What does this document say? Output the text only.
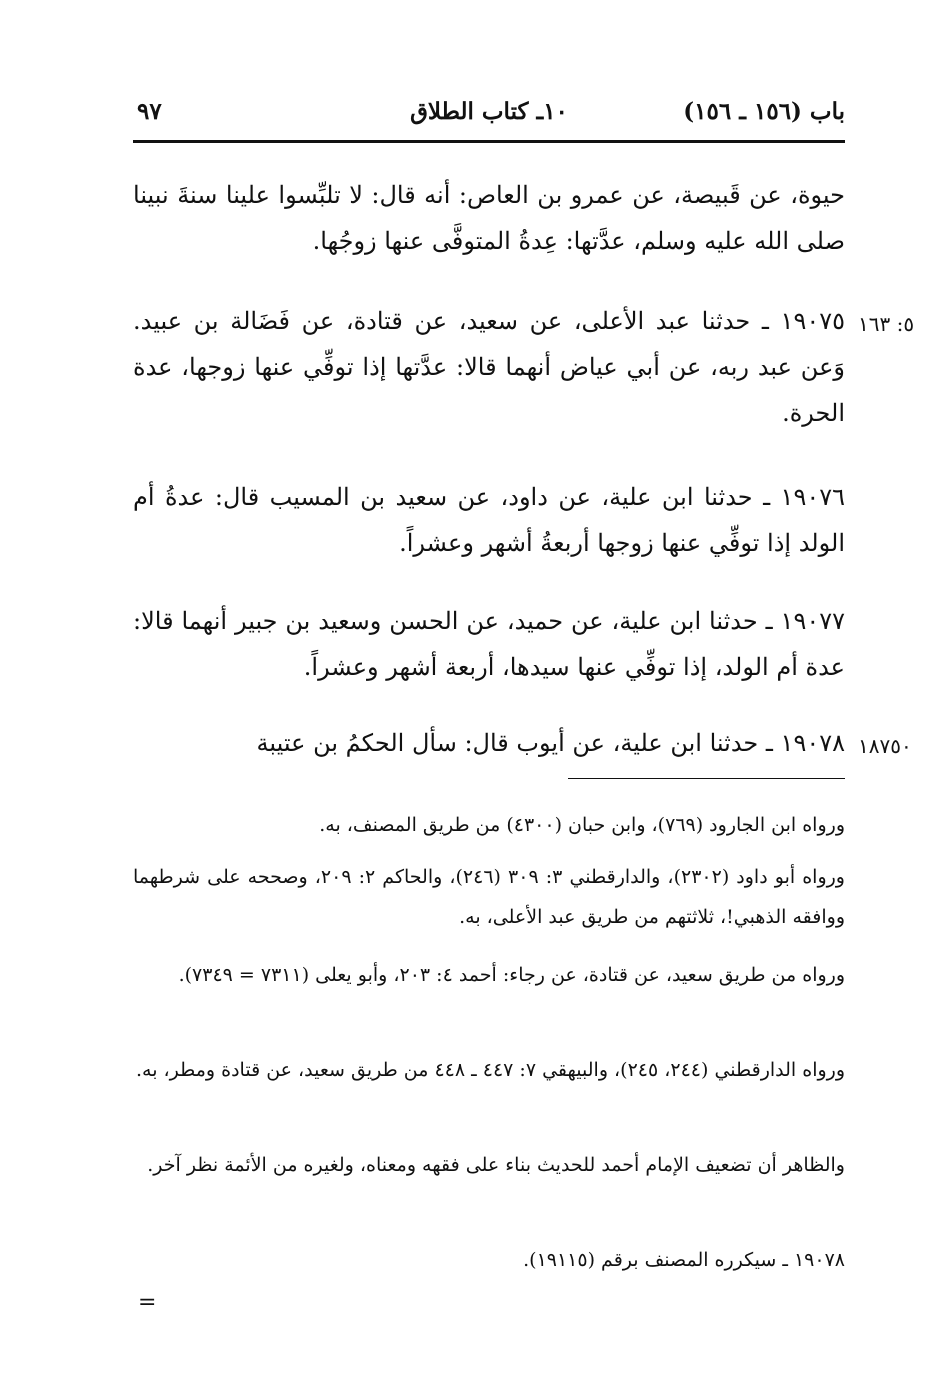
باب (١٥٦ ـ ١٥٦)
١٠ـ كتاب الطلاق
٩٧
حيوة، عن قَبيصة، عن عمرو بن العاص: أنه قال: لا تلبِّسوا علينا سنةَ نبينا صلى الله عليه وسلم، عدَّتها: عِدةُ المتوفَّى عنها زوجُها.
٥: ١٦٣
١٩٠٧٥ ـ حدثنا عبد الأعلى، عن سعيد، عن قتادة، عن فَضَالة بن عبيد. وَعن عبد ربه، عن أبي عياض أنهما قالا: عدَّتها إذا توفِّي عنها زوجها، عدة الحرة.
١٩٠٧٦ ـ حدثنا ابن علية، عن داود، عن سعيد بن المسيب قال: عدةُ أم الولد إذا توفِّي عنها زوجها أربعةُ أشهر وعشراً.
١٩٠٧٧ ـ حدثنا ابن علية، عن حميد، عن الحسن وسعيد بن جبير أنهما قالا: عدة أم الولد، إذا توفِّي عنها سيدها، أربعة أشهر وعشراً.
١٨٧٥٠
١٩٠٧٨ ـ حدثنا ابن علية، عن أيوب قال: سأل الحكمُ بن عتيبة
ورواه ابن الجارود (٧٦٩)، وابن حبان (٤٣٠٠) من طريق المصنف، به.
ورواه أبو داود (٢٣٠٢)، والدارقطني ٣: ٣٠٩ (٢٤٦)، والحاكم ٢: ٢٠٩، وصححه على شرطهما ووافقه الذهبي!، ثلاثتهم من طريق عبد الأعلى، به.
ورواه من طريق سعيد، عن قتادة، عن رجاء: أحمد ٤: ٢٠٣، وأبو يعلى (٧٣١١ = ٧٣٤٩).
ورواه الدارقطني (٢٤٤، ٢٤٥)، والبيهقي ٧: ٤٤٧ ـ ٤٤٨ من طريق سعيد، عن قتادة ومطر، به.
والظاهر أن تضعيف الإمام أحمد للحديث بناء على فقهه ومعناه، ولغيره من الأئمة نظر آخر.
١٩٠٧٨ ـ سيكرره المصنف برقم (١٩١١٥).
=
